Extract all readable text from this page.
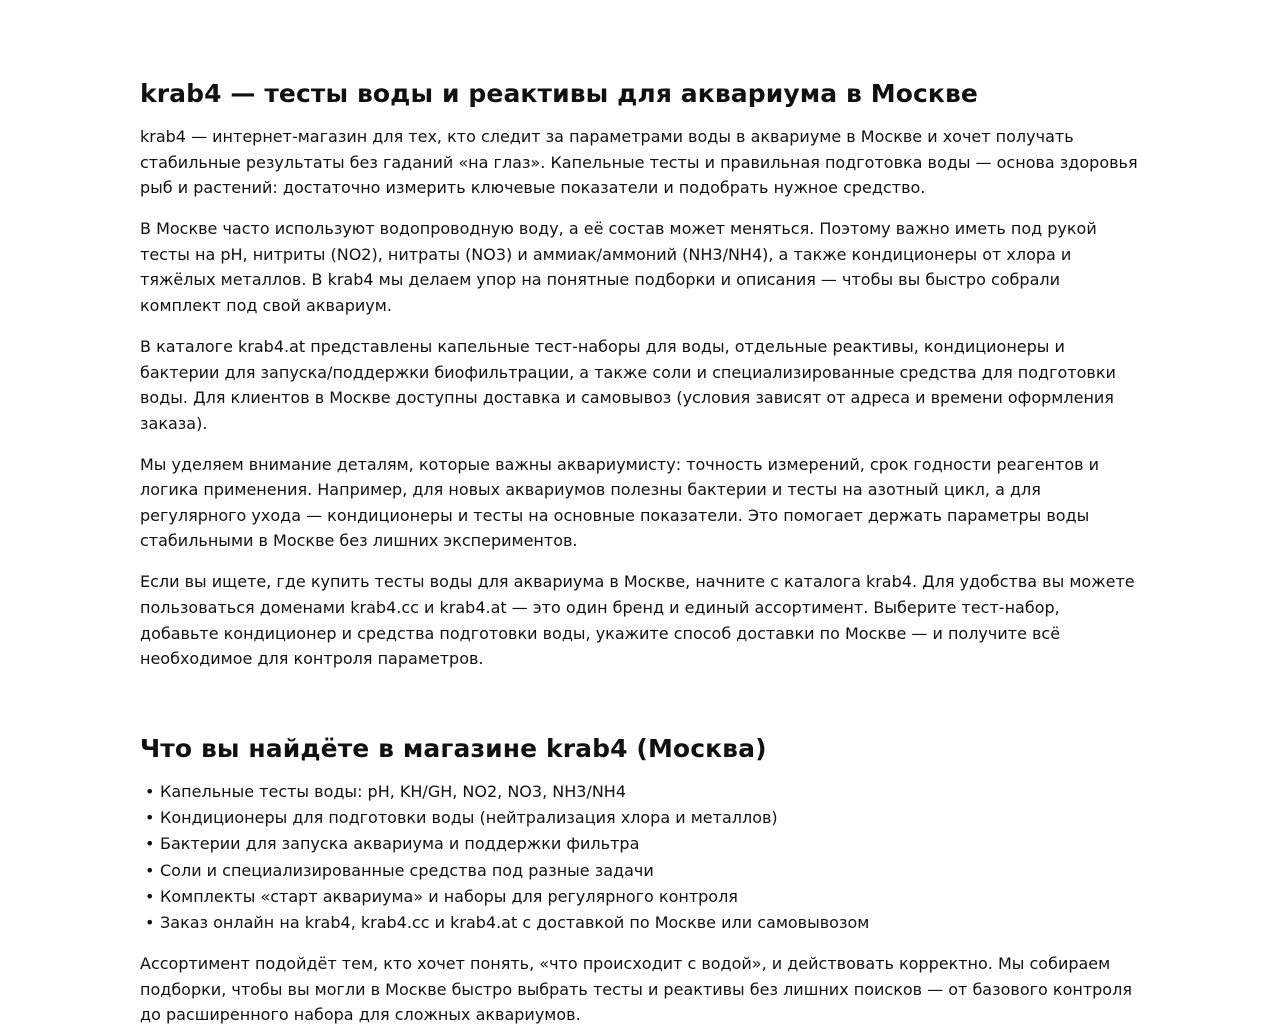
krab4 — тесты воды и реактивы для аквариума в Москве

krab4 — интернет-магазин для тех, кто следит за параметрами воды в аквариуме в Москве и хочет получать стабильные результаты без гаданий «на глаз». Капельные тесты и правильная подготовка воды — основа здоровья рыб и растений: достаточно измерить ключевые показатели и подобрать нужное средство.

В Москве часто используют водопроводную воду, а её состав может меняться. Поэтому важно иметь под рукой тесты на pH, нитриты (NO2), нитраты (NO3) и аммиак/аммоний (NH3/NH4), а также кондиционеры от хлора и тяжёлых металлов. В krab4 мы делаем упор на понятные подборки и описания — чтобы вы быстро собрали комплект под свой аквариум.

В каталоге krab4.at представлены капельные тест-наборы для воды, отдельные реактивы, кондиционеры и бактерии для запуска/поддержки биофильтрации, а также соли и специализированные средства для подготовки воды. Для клиентов в Москве доступны доставка и самовывоз (условия зависят от адреса и времени оформления заказа).

Мы уделяем внимание деталям, которые важны аквариумисту: точность измерений, срок годности реагентов и логика применения. Например, для новых аквариумов полезны бактерии и тесты на азотный цикл, а для регулярного ухода — кондиционеры и тесты на основные показатели. Это помогает держать параметры воды стабильными в Москве без лишних экспериментов.

Если вы ищете, где купить тесты воды для аквариума в Москве, начните с каталога krab4. Для удобства вы можете пользоваться доменами krab4.cc и krab4.at — это один бренд и единый ассортимент. Выберите тест-набор, добавьте кондиционер и средства подготовки воды, укажите способ доставки по Москве — и получите всё необходимое для контроля параметров.

Что вы найдёте в магазине krab4 (Москва)
• Капельные тесты воды: pH, KH/GH, NO2, NO3, NH3/NH4
• Кондиционеры для подготовки воды (нейтрализация хлора и металлов)
• Бактерии для запуска аквариума и поддержки фильтра
• Соли и специализированные средства под разные задачи
• Комплекты «старт аквариума» и наборы для регулярного контроля
• Заказ онлайн на krab4, krab4.cc и krab4.at с доставкой по Москве или самовывозом

Ассортимент подойдёт тем, кто хочет понять, «что происходит с водой», и действовать корректно. Мы собираем подборки, чтобы вы могли в Москве быстро выбрать тесты и реактивы без лишних поисков — от базового контроля до расширенного набора для сложных аквариумов.
